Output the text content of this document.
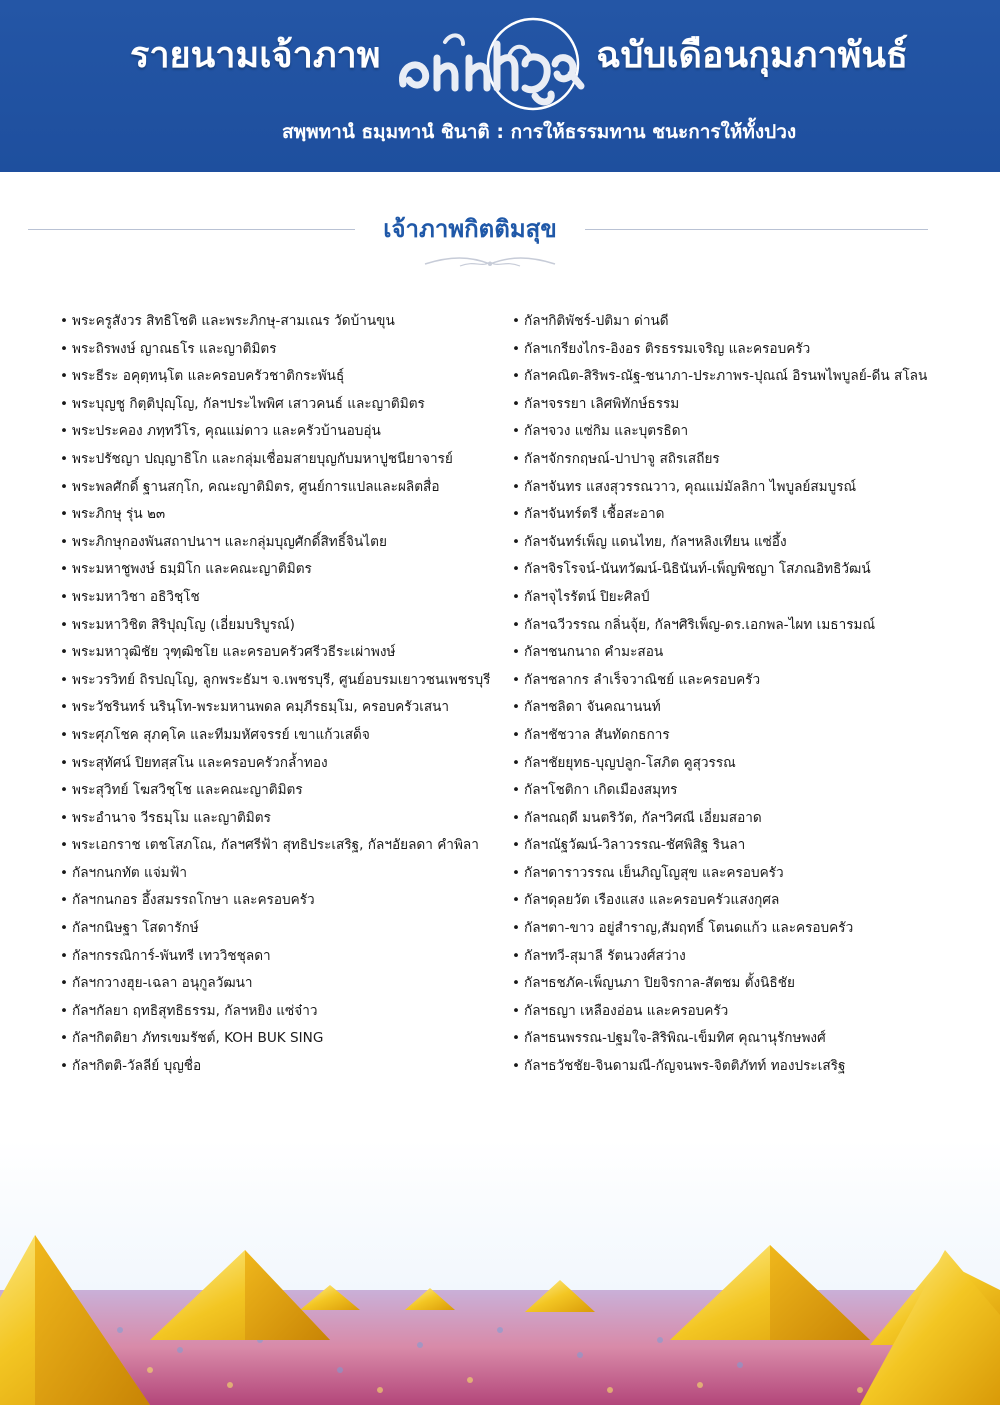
รายนามเจ้าภาพ	ฉบับเดือนกุมภาพันธ์
สพฺพทานํ ธมฺมทานํ ชินาติ : การให้ธรรมทาน ชนะการให้ทั้งปวง
เจ้าภาพกิตติมสุข
• พระครูสังวร สิทธิโชติ และพระภิกษุ-สามเณร วัดบ้านขุน
• พระถิรพงษ์ ญาณธโร และญาติมิตร
• พระธีระ อคุตฺทนฺโต และครอบครัวชาติกระพันธุ์
• พระบุญชู กิตฺติปุญฺโญ, กัลฯประไพพิศ เสาวคนธ์ และญาติมิตร
• พระประคอง ภทฺทวีโร, คุณแม่ดาว และครัวบ้านอบอุ่น
• พระปรัชญา ปญฺญาธิโก และกลุ่มเชื่อมสายบุญกับมหาปูชนียาจารย์
• พระพลศักดิ์ ฐานสกฺโก, คณะญาติมิตร, ศูนย์การแปลและผลิตสื่อ
• พระภิกษุ รุ่น ๒๓
• พระภิกษุกองพันสถาปนาฯ และกลุ่มบุญศักดิ์สิทธิ์จินไตย
• พระมหาชูพงษ์ ธมฺมิโก และคณะญาติมิตร
• พระมหาวิชา อธิวิชฺโช
• พระมหาวิชิต สิริปุญฺโญ (เอี่ยมบริบูรณ์)
• พระมหาวุฒิชัย วุฑฺฒิชโย และครอบครัวศรีวธีระเผ่าพงษ์
• พระวรวิทย์ ถิรปญฺโญ, ลูกพระธัมฯ จ.เพชรบุรี, ศูนย์อบรมเยาวชนเพชรบุรี
• พระวัชรินทร์ นรินฺโท-พระมหานพดล คมฺภีรธมฺโม, ครอบครัวเสนา
• พระศุภโชค สุภคฺโค และทีมมหัศจรรย์ เขาแก้วเสด็จ
• พระสุทัศน์ ปิยทสฺสโน และครอบครัวกล้ำทอง
• พระสุวิทย์ โฆสวิชฺโช และคณะญาติมิตร
• พระอำนาจ วีรธมฺโม และญาติมิตร
• พระเอกราช เตชโสภโณ, กัลฯศรีฟ้า สุทธิประเสริฐ, กัลฯอัยลดา คำพิลา
• กัลฯกนกทัต แจ่มฟ้า
• กัลฯกนกอร อึ้งสมรรถโกษา และครอบครัว
• กัลฯกนิษฐา โสดารักษ์
• กัลฯกรรณิการ์-พันทรี เทววิชชุลดา
• กัลฯกวางฮุย-เฉลา อนุกูลวัฒนา
• กัลฯกัลยา ฤทธิสุทธิธรรม, กัลฯหยิง แซ่จ๋าว
• กัลฯกิตติยา ภัทรเขมรัชต์, KOH BUK SING
• กัลฯกิตติ-วัลลีย์ บุญชื่อ
• กัลฯกิติพัชร์-ปติมา ด่านดี
• กัลฯเกรียงไกร-อิงอร ติรธรรมเจริญ และครอบครัว
• กัลฯคณิต-สิริพร-ณัฐ-ชนาภา-ประภาพร-ปุณณ์ อิรนพไพบูลย์-ดีน สโลน
• กัลฯจรรยา เลิศพิทักษ์ธรรม
• กัลฯจวง แซ่กิม และบุตรธิดา
• กัลฯจักรกฤษณ์-ปาปาจู สถิรเสถียร
• กัลฯจันทร แสงสุวรรณวาว, คุณแม่มัลลิกา ไพบูลย์สมบูรณ์
• กัลฯจันทร์ตรี เชื้อสะอาด
• กัลฯจันทร์เพ็ญ แดนไทย, กัลฯหลิงเทียน แซ่อึ้ง
• กัลฯจิรโรจน์-นันทวัฒน์-นิธินันท์-เพ็ญพิชญา โสภณอิทธิวัฒน์
• กัลฯจุไรรัตน์ ปิยะศิลป์
• กัลฯฉวีวรรณ กลิ่นจุ้ย, กัลฯศิริเพ็ญ-ดร.เอกพล-ไผท เมธารมณ์
• กัลฯชนกนาถ คำมะสอน
• กัลฯชลากร ลำเร็จวาณิชย์ และครอบครัว
• กัลฯชลิดา จันคณานนท์
• กัลฯชัชวาล สันทัดกธการ
• กัลฯชัยยุทธ-บุญปลูก-โสภิต คูสุวรรณ
• กัลฯโชติกา เกิดเมืองสมุทร
• กัลฯณฤดี มนตริวัต, กัลฯวิศณี เอี่ยมสอาด
• กัลฯณัฐวัฒน์-วิลาวรรณ-ชัศพิสิฐ รินลา
• กัลฯดาราวรรณ เย็นภิญโญสุข และครอบครัว
• กัลฯดุลยวัต เรืองแสง และครอบครัวแสงกุศล
• กัลฯตา-ขาว อยู่สำราญ,สัมฤทธิ์ โตนดแก้ว และครอบครัว
• กัลฯทวี-สุมาลี รัตนวงศ์สว่าง
• กัลฯธชภัค-เพ็ญนภา ปิยจิรกาล-สัตชม ตั้งนิธิชัย
• กัลฯธญา เหลืองอ่อน และครอบครัว
• กัลฯธนพรรณ-ปฐมใจ-สิริพิณ-เข็มทิศ คุณานุรักษพงศ์
• กัลฯธวัชชัย-จินดามณี-กัญจนพร-จิตติภัทท์ ทองประเสริฐ
